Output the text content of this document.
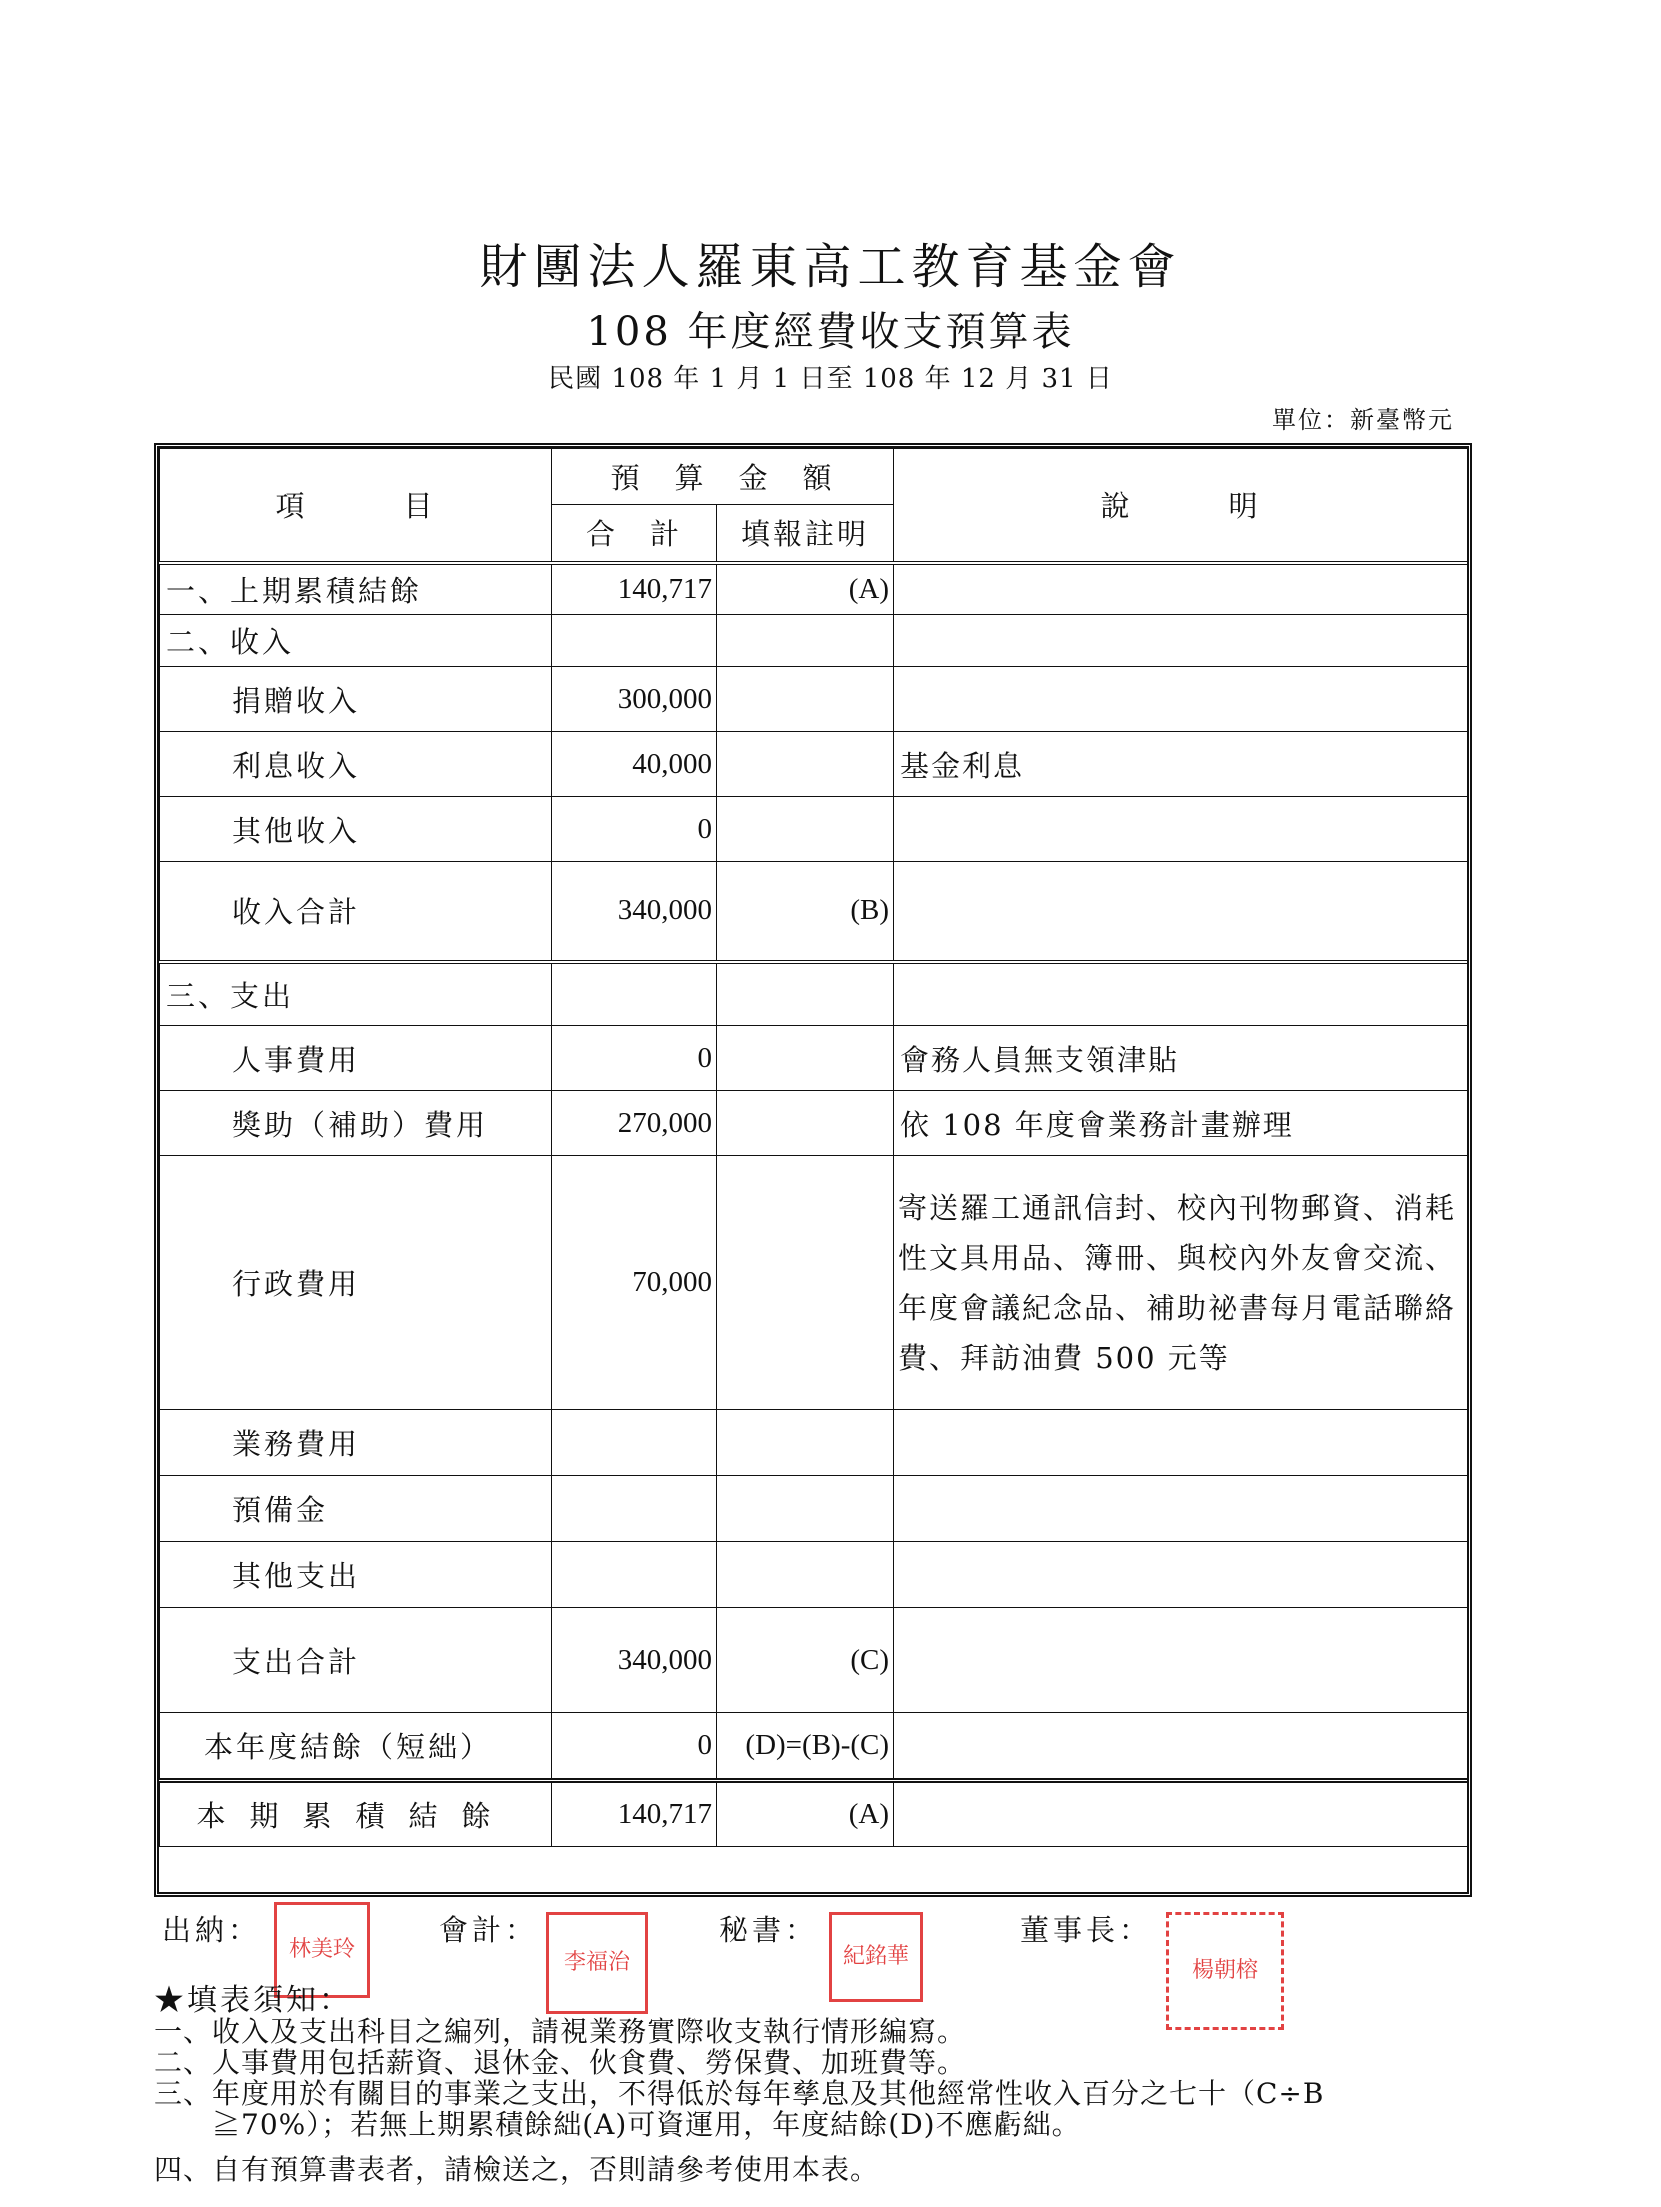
財團法人羅東高工教育基金會
108 年度經費收支預算表
民國 108 年 1 月 1 日至 108 年 12 月 31 日
單位：新臺幣元
項　　　目	預　算　金　額		說　　　明
	合　計	填報註明	
一、上期累積結餘	140,717	(A)	
二、收入			
捐贈收入	300,000		
利息收入	40,000		基金利息
其他收入	0		
收入合計	340,000	(B)	
三、支出			
人事費用	0		會務人員無支領津貼
獎助（補助）費用	270,000		依 108 年度會業務計畫辦理
行政費用	70,000		寄送羅工通訊信封、校內刊物郵資、消耗性文具用品、簿冊、與校內外友會交流、年度會議紀念品、補助祕書每月電話聯絡費、拜訪油費 500 元等
業務費用			
預備金			
其他支出			
支出合計	340,000	(C)	
本年度結餘（短絀）	0	(D)=(B)-(C)	
本期累積結餘	140,717	(A)	
出納：
林美玲
會計：
李福治
秘書：
紀銘華
董事長：
楊朝榕
★填表須知：
一、收入及支出科目之編列，請視業務實際收支執行情形編寫。
二、人事費用包括薪資、退休金、伙食費、勞保費、加班費等。
三、年度用於有關目的事業之支出，不得低於每年孳息及其他經常性收入百分之七十（C÷B
　　≧70%）；若無上期累積餘絀(A)可資運用，年度結餘(D)不應虧絀。
四、自有預算書表者，請檢送之，否則請參考使用本表。
